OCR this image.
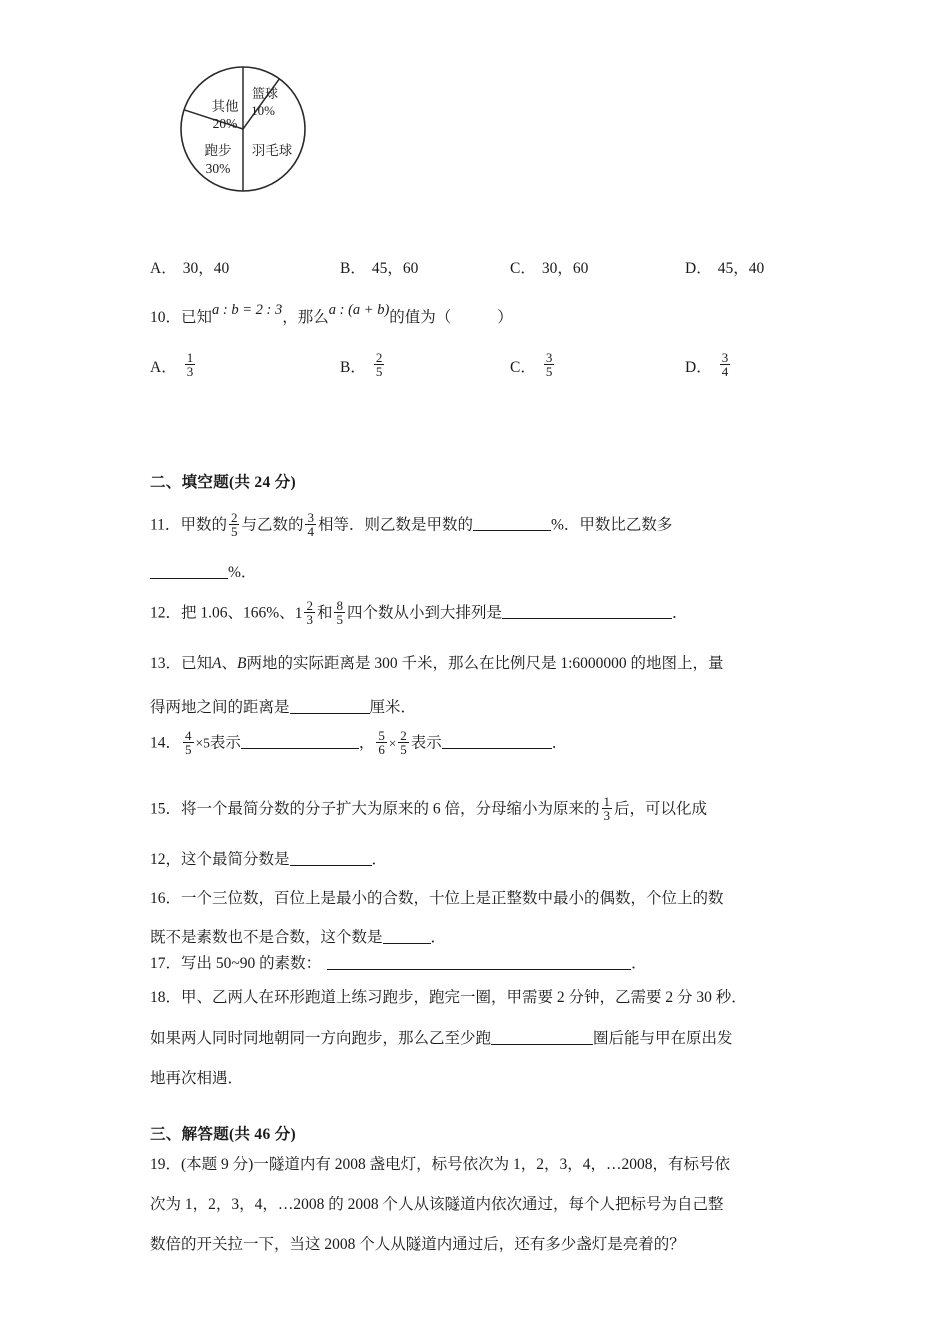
其他
20%
篮球
10%
跑步
30%
羽毛球
A． 30，40	B． 45，60	C． 30，60	D． 45，40
10．已知a : b = 2 : 3，那么a : (a + b)的值为（	）
A． $\frac{1}{3}$	B． $\frac{2}{5}$	C． $\frac{3}{5}$	D． $\frac{3}{4}$
二、填空题(共 24 分)
11．甲数的 $\frac{2}{5}$ 与乙数的 $\frac{3}{4}$ 相等．则乙数是甲数的	%．甲数比乙数多
%．
12．把 1.06、166%、 $1 \frac{2}{3}$ 和 $\frac{8}{5}$ 四个数从小到大排列是	．
13．已知A、B两地的实际距离是 300 千米，那么在比例尺是 1:6000000 的地图上，量
得两地之间的距离是	厘米．
14． $\frac{4}{5} \times 5$表示	， $\frac{5}{6} \times \frac{2}{5}$ 表示	．
15．将一个最简分数的分子扩大为原来的 6 倍，分母缩小为原来的 $\frac{1}{3}$ 后，可以化成
12，这个最简分数是	．
16．一个三位数，百位上是最小的合数，十位上是正整数中最小的偶数，个位上的数
既不是素数也不是合数，这个数是	．
17．写出 50~90 的素数：	．
18．甲、乙两人在环形跑道上练习跑步，跑完一圈，甲需要 2 分钟，乙需要 2 分 30 秒．
如果两人同时同地朝同一方向跑步，那么乙至少跑	圈后能与甲在原出发
地再次相遇．
三、解答题(共 46 分)
19．(本题 9 分)一隧道内有 2008 盏电灯，标号依次为 1，2，3，4，…2008，有标号依
次为 1，2，3，4，…2008 的 2008 个人从该隧道内依次通过，每个人把标号为自己整
数倍的开关拉一下，当这 2008 个人从隧道内通过后，还有多少盏灯是亮着的？
